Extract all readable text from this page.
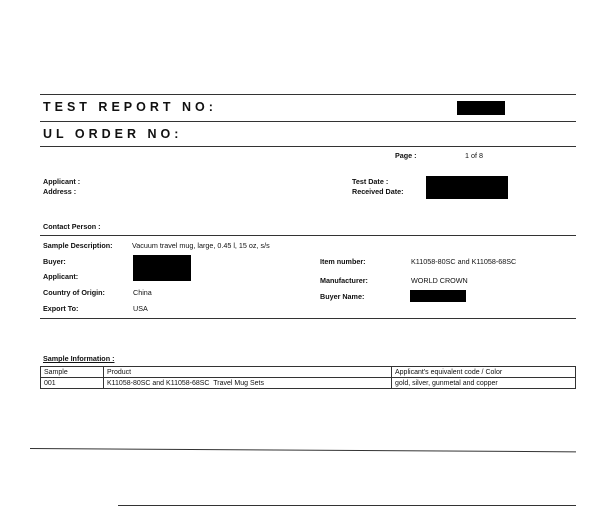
TEST REPORT NO:
UL ORDER NO:
Page :	1 of 8
Applicant :
Address :
Test Date :
Received Date:
Contact Person :
Sample Description:	Vacuum travel mug, large, 0.45 l, 15 oz, s/s
Buyer:
Applicant:
Country of Origin:	China
Export To:	USA
Item number:	K11058-80SC and K11058-68SC
Manufacturer:	WORLD CROWN
Buyer Name:
Sample Information :
Sample	Product	Applicant's equivalent code / Color
001	K11058-80SC and K11058-68SC  Travel Mug Sets	gold, silver, gunmetal and copper
